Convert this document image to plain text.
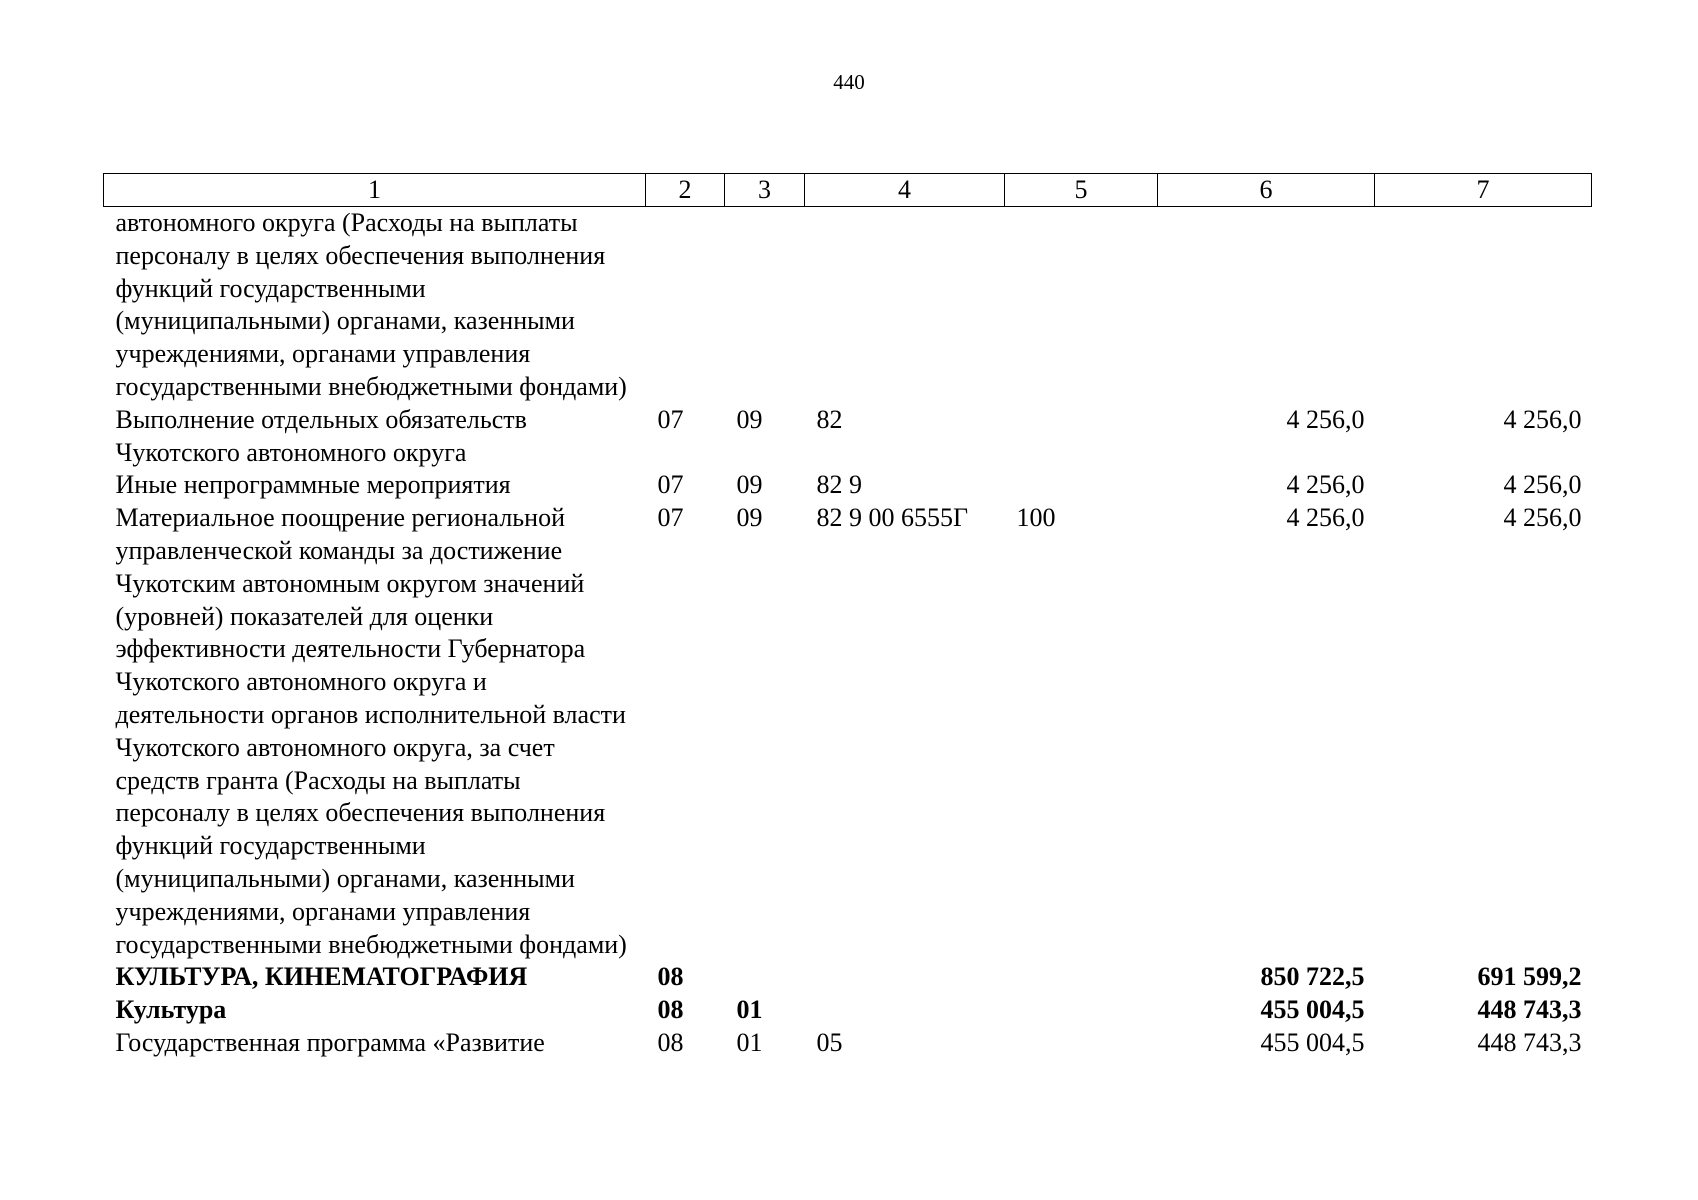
440
1	2	3	4	5	6	7
автономного округа (Расходы на выплаты персоналу в целях обеспечения выполнения функций государственными (муниципальными) органами, казенными учреждениями, органами управления государственными внебюджетными фондами)						
Выполнение отдельных обязательств Чукотского автономного округа	07	09	82		4 256,0	4 256,0
Иные непрограммные мероприятия	07	09	82 9		4 256,0	4 256,0
Материальное поощрение региональной управленческой команды за достижение Чукотским автономным округом значений (уровней) показателей для оценки эффективности деятельности Губернатора Чукотского автономного округа и деятельности органов исполнительной власти Чукотского автономного округа, за счет средств гранта (Расходы на выплаты персоналу в целях обеспечения выполнения функций государственными (муниципальными) органами, казенными учреждениями, органами управления государственными внебюджетными фондами)	07	09	82 9 00 6555Г	100	4 256,0	4 256,0
КУЛЬТУРА, КИНЕМАТОГРАФИЯ	08				850 722,5	691 599,2
Культура	08	01			455 004,5	448 743,3
Государственная программа «Развитие	08	01	05		455 004,5	448 743,3
